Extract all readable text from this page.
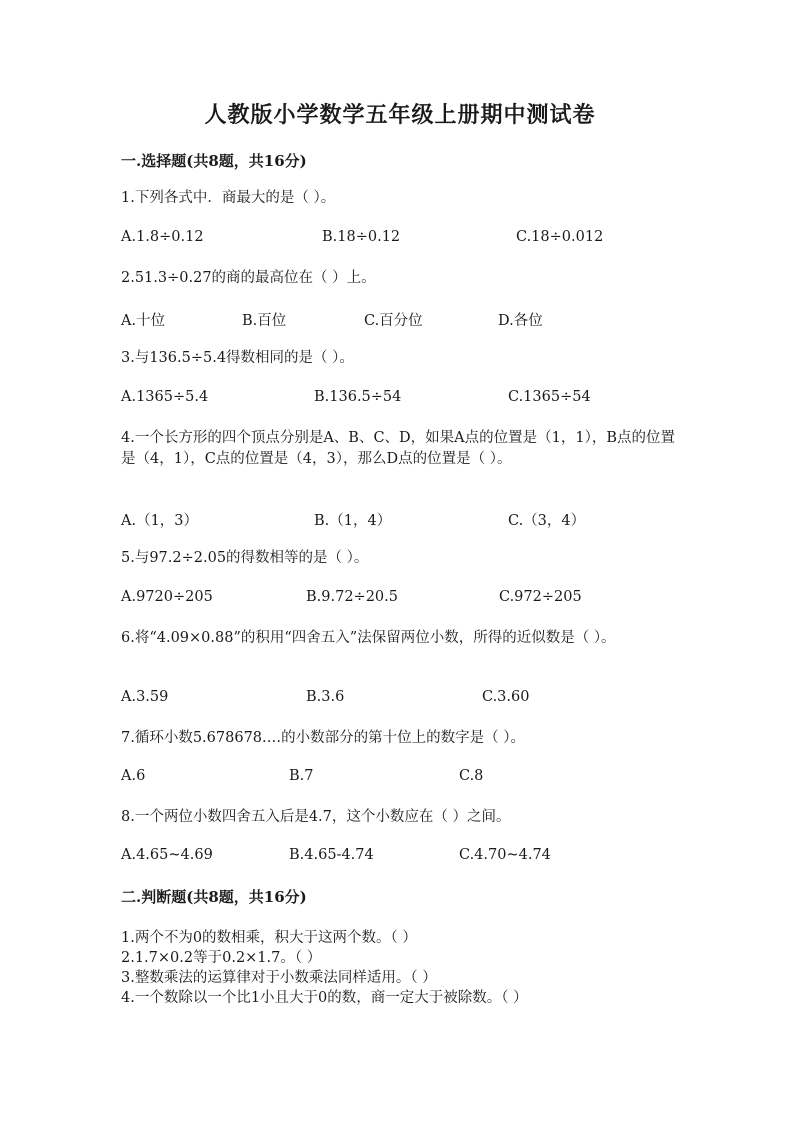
人教版小学数学五年级上册期中测试卷
一.选择题(共8题，共16分)
1.下列各式中．商最大的是（ ）。
A.1.8÷0.12	B.18÷0.12	C.18÷0.012
2.51.3÷0.27的商的最高位在（ ）上。
A.十位	B.百位	C.百分位	D.各位
3.与136.5÷5.4得数相同的是（ ）。
A.1365÷5.4	B.136.5÷54	C.1365÷54
4.一个长方形的四个顶点分别是A、B、C、D，如果A点的位置是（1，1），B点的位置是（4，1），C点的位置是（4，3），那么D点的位置是（ ）。
A.（1，3）	B.（1，4）	C.（3，4）
5.与97.2÷2.05的得数相等的是（ ）。
A.9720÷205	B.9.72÷20.5	C.972÷205
6.将“4.09×0.88”的积用“四舍五入”法保留两位小数，所得的近似数是（ ）。
A.3.59	B.3.6	C.3.60
7.循环小数5.678678.…的小数部分的第十位上的数字是（ ）。
A.6	B.7	C.8
8.一个两位小数四舍五入后是4.7，这个小数应在（ ）之间。
A.4.65~4.69	B.4.65-4.74	C.4.70~4.74
二.判断题(共8题，共16分)
1.两个不为0的数相乘，积大于这两个数。（ ）
2.1.7×0.2等于0.2×1.7。（ ）
3.整数乘法的运算律对于小数乘法同样适用。（ ）
4.一个数除以一个比1小且大于0的数，商一定大于被除数。（ ）
